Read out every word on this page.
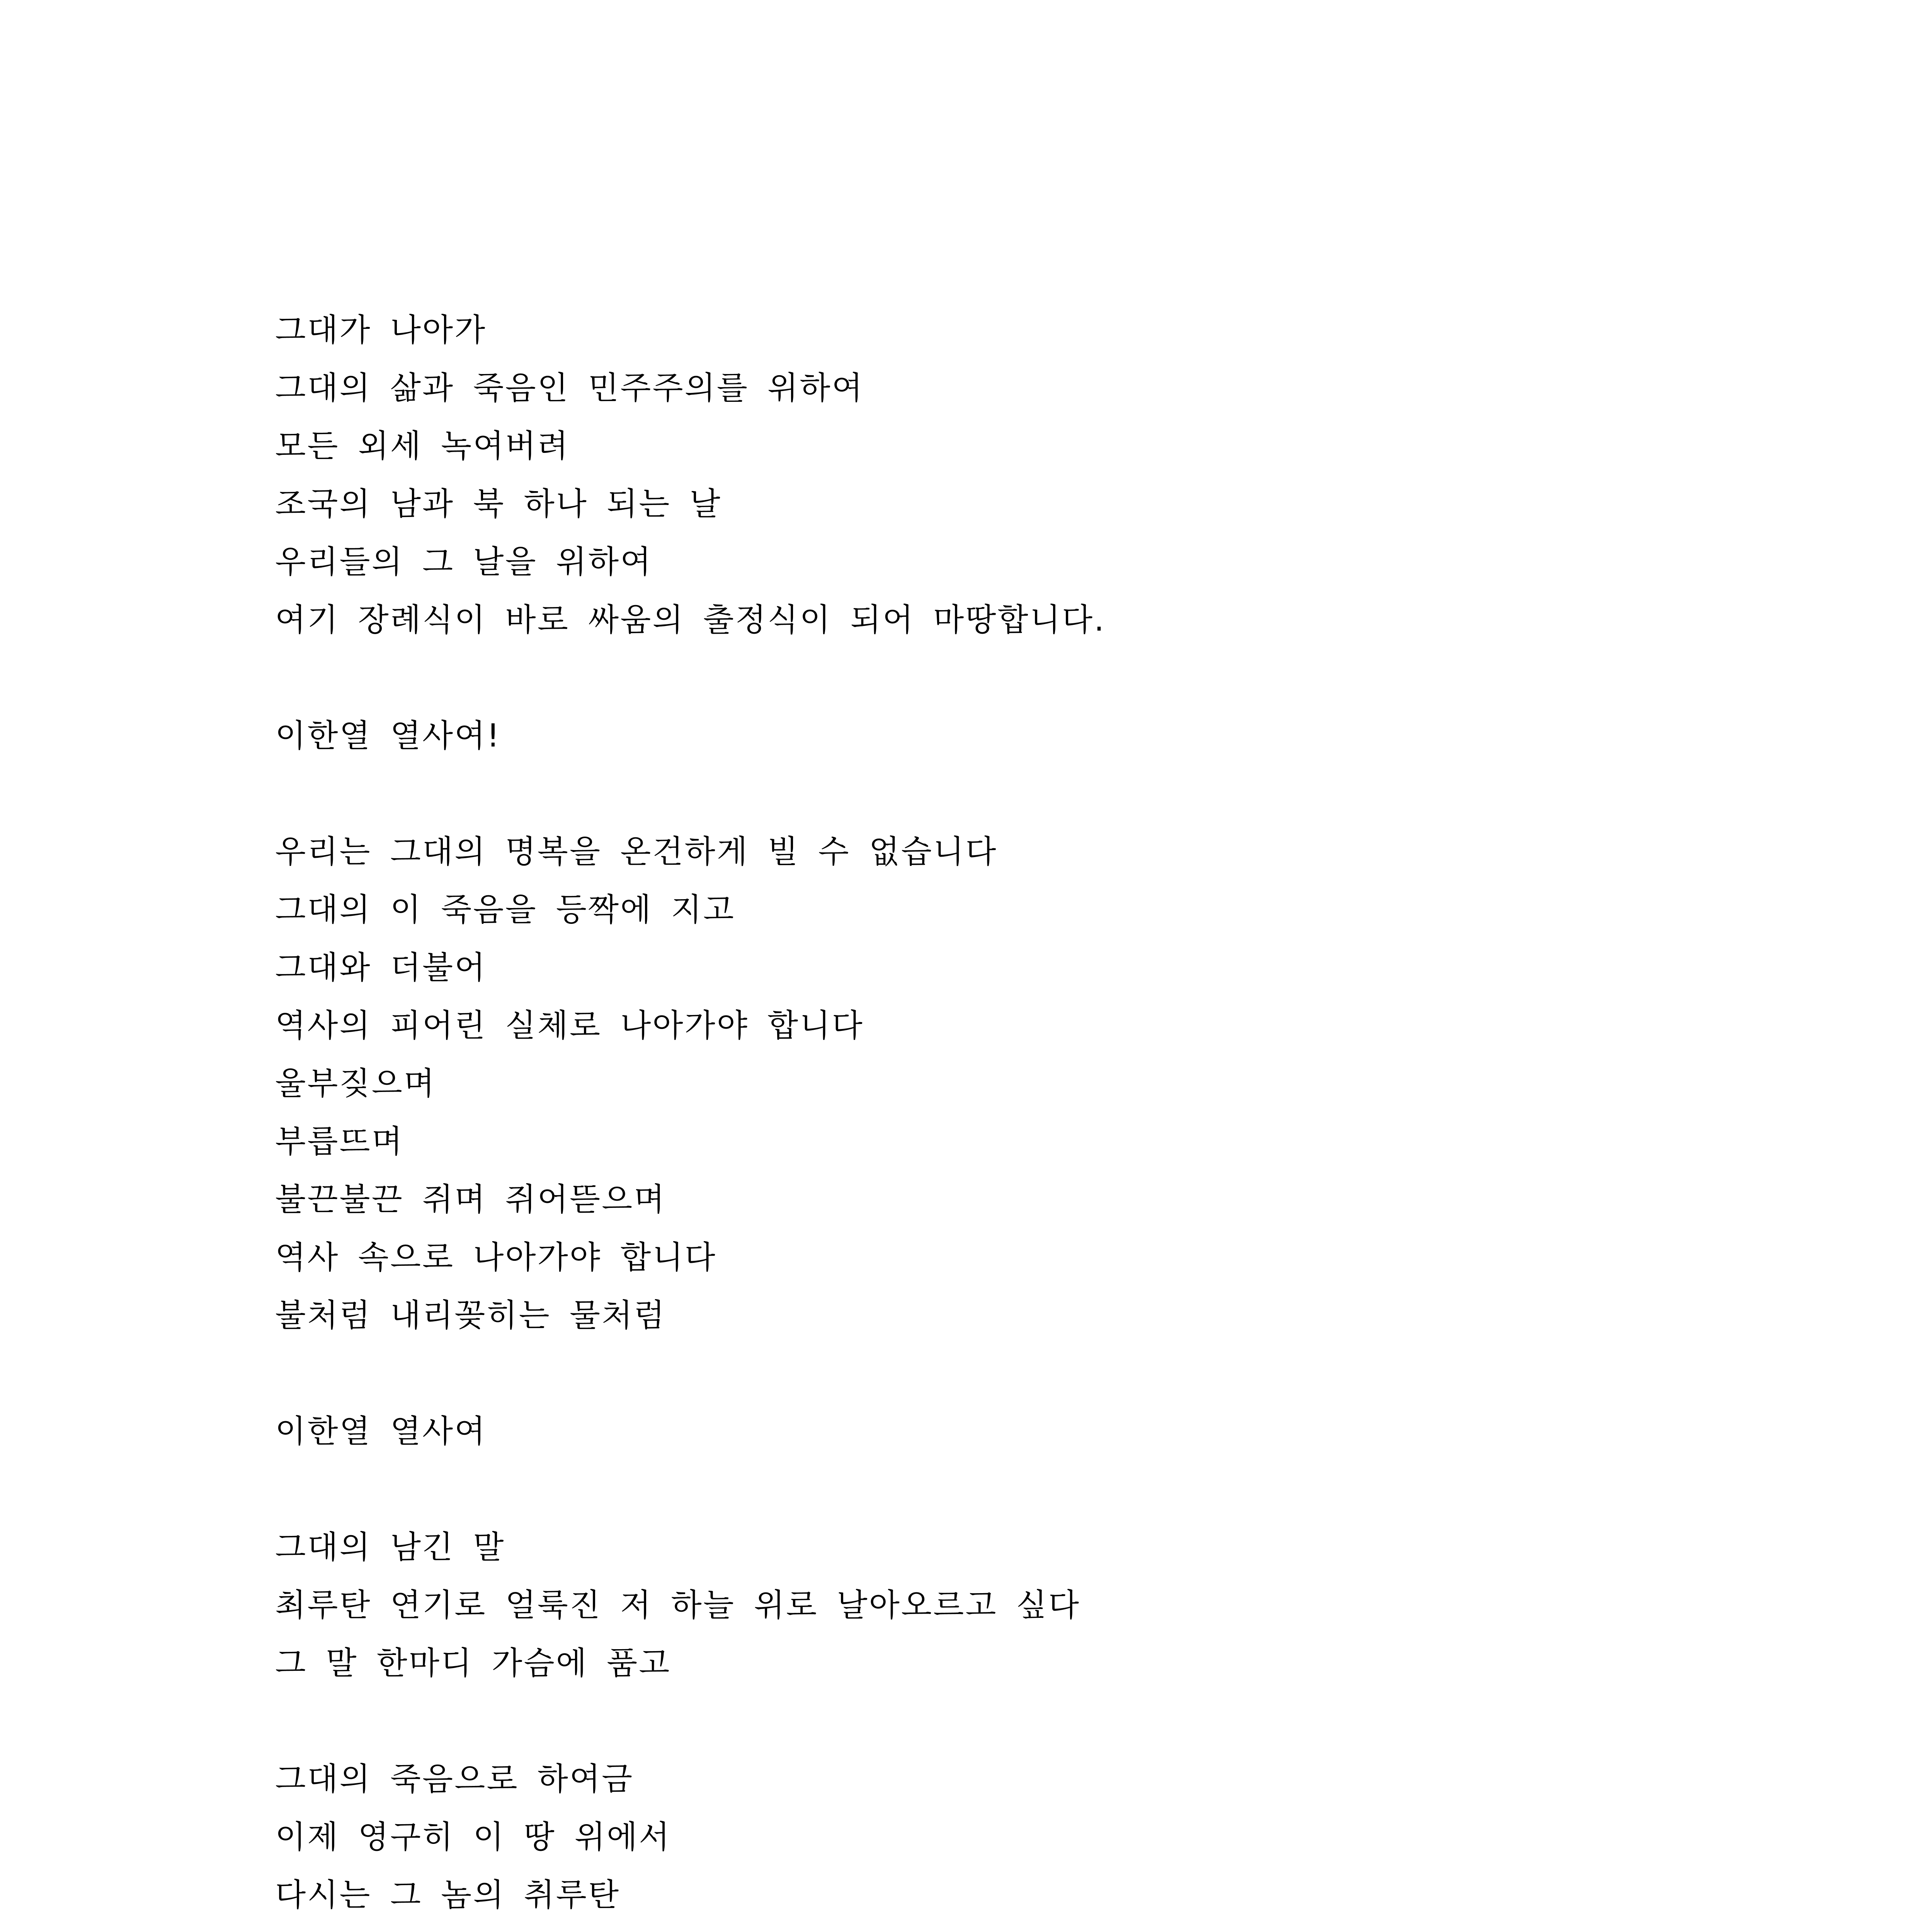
그대가 나아가
그대의 삶과 죽음인 민주주의를 위하여
모든 외세 녹여버려
조국의 남과 북 하나 되는 날
우리들의 그 날을 위하여
여기 장례식이 바로 싸움의 출정식이 되어 마땅합니다.
이한열 열사여!
우리는 그대의 명복을 온건하게 빌 수 없습니다
그대의 이 죽음을 등짝에 지고
그대와 더불어
역사의 피어린 실체로 나아가야 합니다
울부짖으며
부릅뜨며
불끈불끈 쥐며 쥐어뜯으며
역사 속으로 나아가야 합니다
불처럼 내리꽂히는 물처럼
이한열 열사여
그대의 남긴 말
최루탄 연기로 얼룩진 저 하늘 위로 날아오르고 싶다
그 말 한마디 가슴에 품고
그대의 죽음으로 하여금
이제 영구히 이 땅 위에서
다시는 그 놈의 취루탄
